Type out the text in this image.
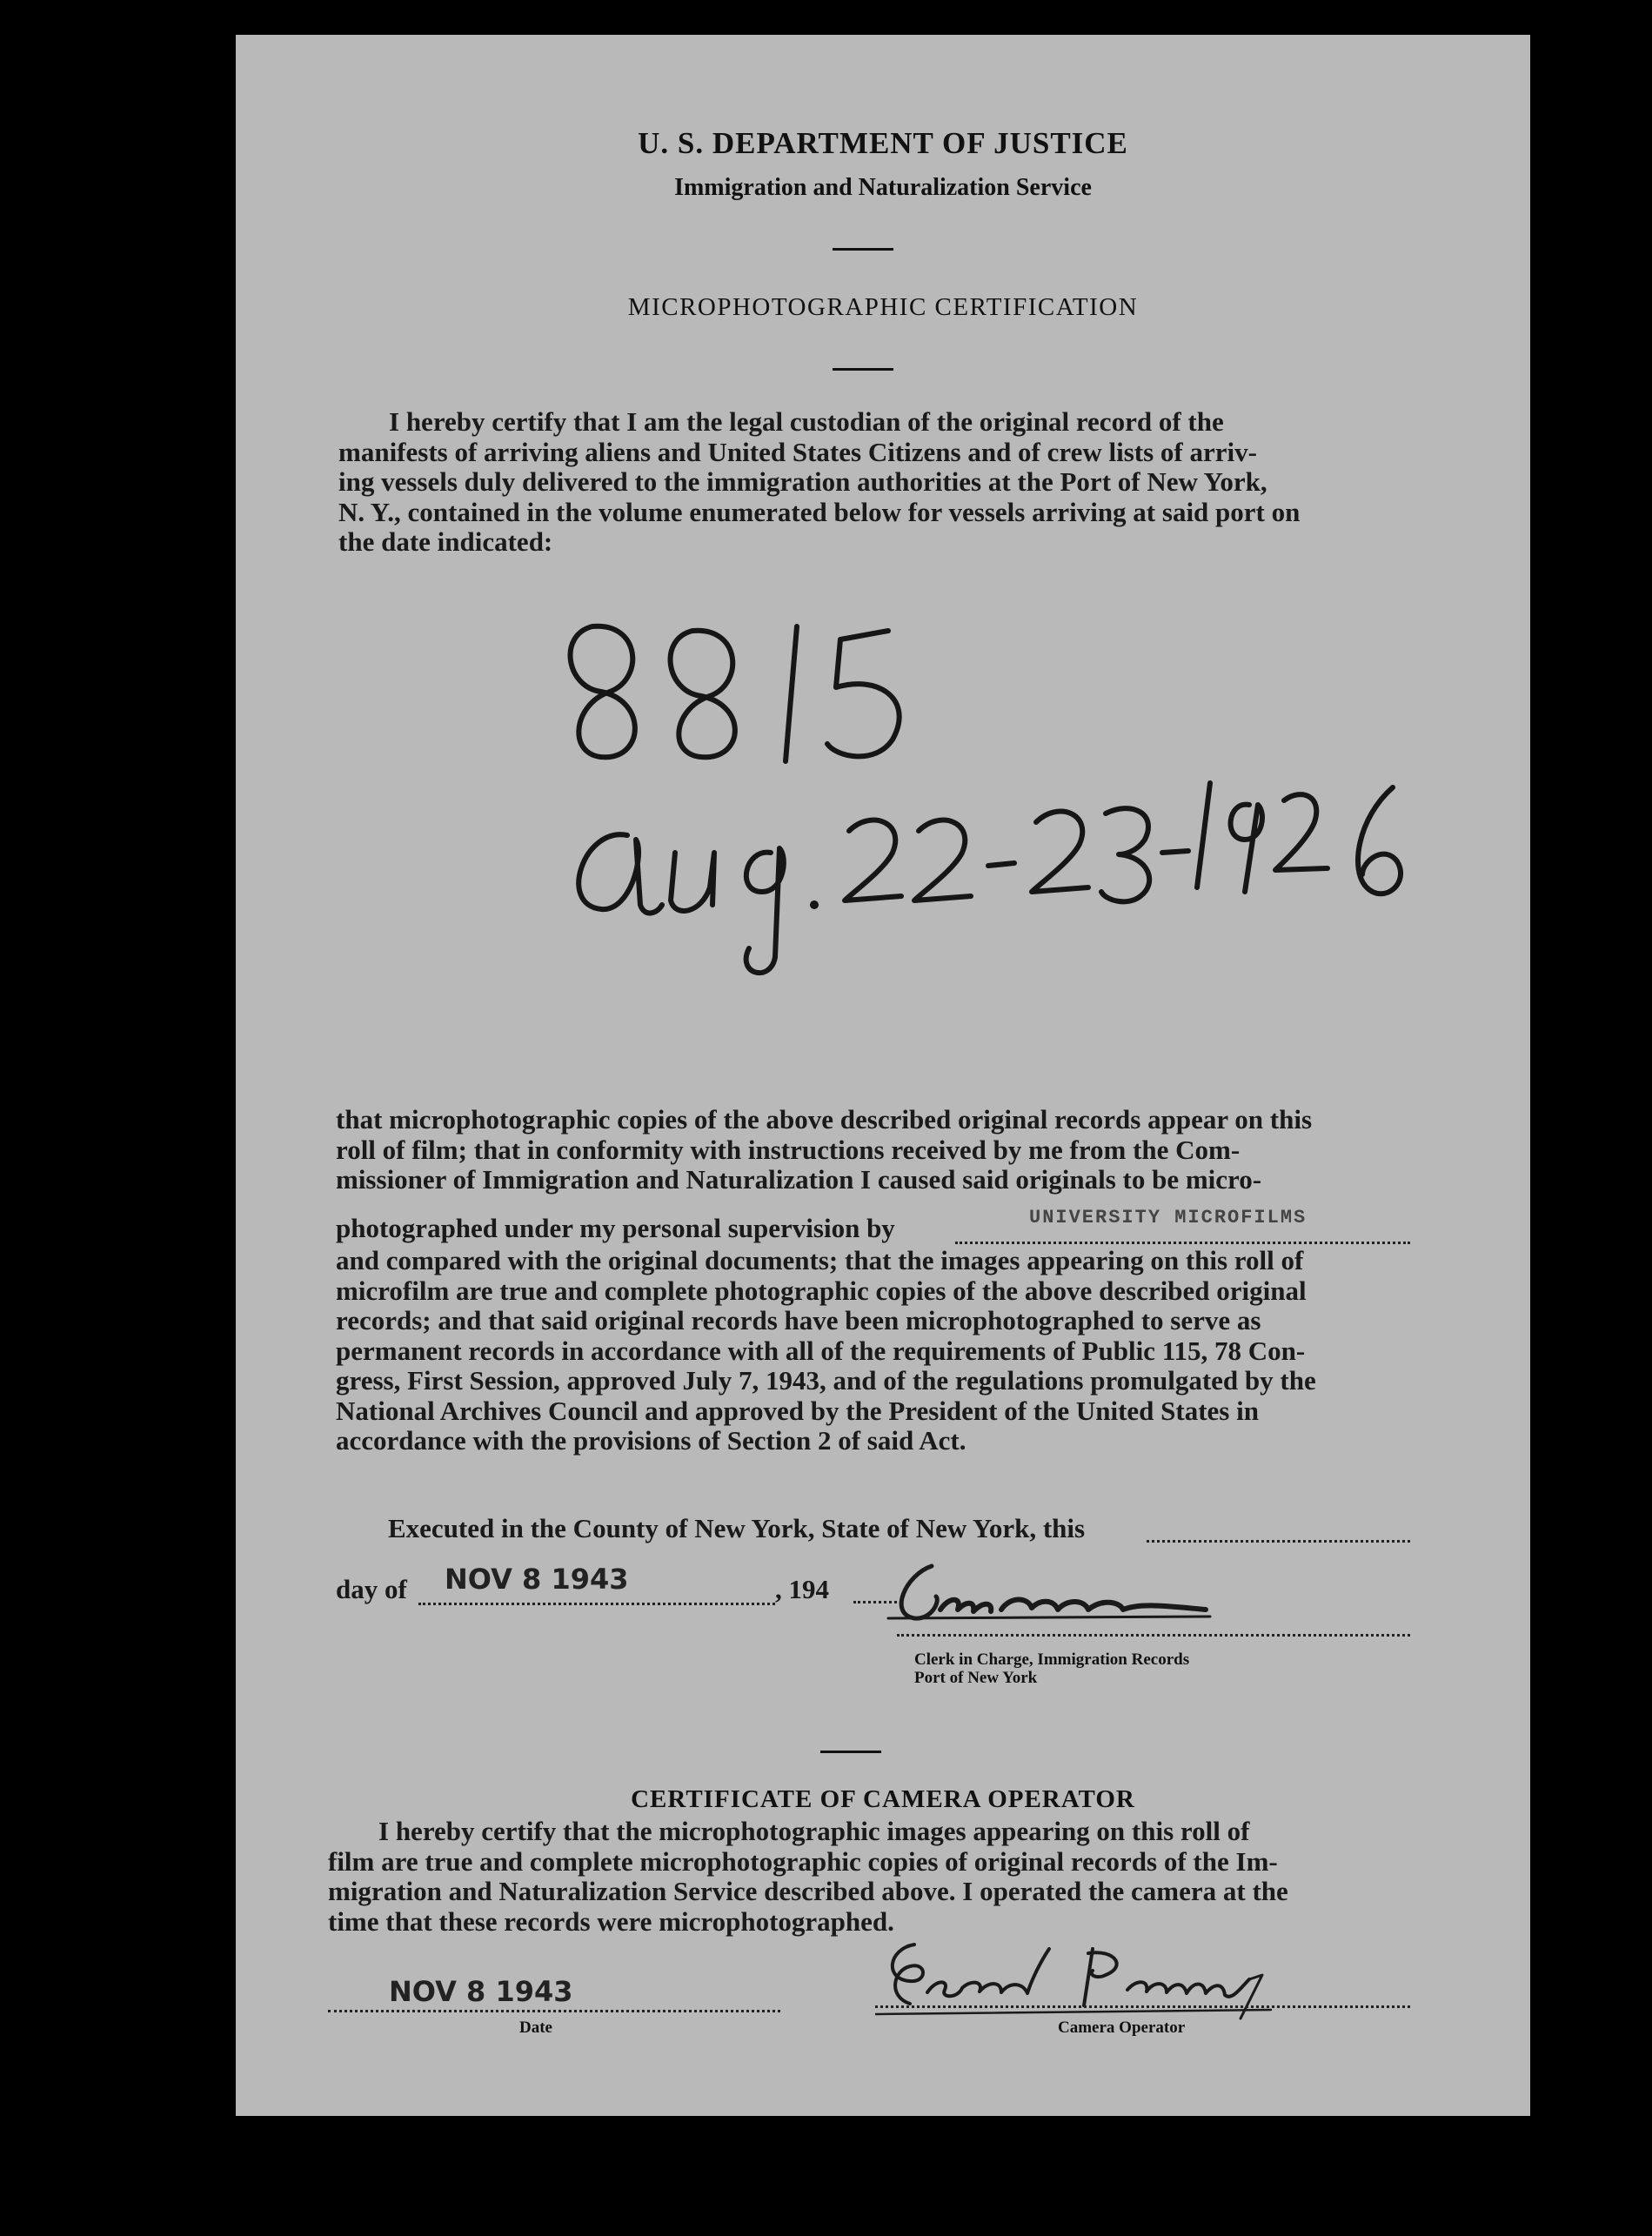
U. S. DEPARTMENT OF JUSTICE
Immigration and Naturalization Service
MICROPHOTOGRAPHIC CERTIFICATION
I hereby certify that I am the legal custodian of the original record of the
manifests of arriving aliens and United States Citizens and of crew lists of arriv-
ing vessels duly delivered to the immigration authorities at the Port of New York,
N. Y., contained in the volume enumerated below for vessels arriving at said port on
the date indicated:
that microphotographic copies of the above described original records appear on this
roll of film; that in conformity with instructions received by me from the Com-
missioner of Immigration and Naturalization I caused said originals to be micro-
photographed under my personal supervision by	UNIVERSITY MICROFILMS
and compared with the original documents; that the images appearing on this roll of
microfilm are true and complete photographic copies of the above described original
records; and that said original records have been microphotographed to serve as
permanent records in accordance with all of the requirements of Public 115, 78 Con-
gress, First Session, approved July 7, 1943, and of the regulations promulgated by the
National Archives Council and approved by the President of the United States in
accordance with the provisions of Section 2 of said Act.
Executed in the County of New York, State of New York, this
day of NOV 8 1943	, 194
Clerk in Charge, Immigration Records
Port of New York
CERTIFICATE OF CAMERA OPERATOR
I hereby certify that the microphotographic images appearing on this roll of
film are true and complete microphotographic copies of original records of the Im-
migration and Naturalization Service described above. I operated the camera at the
time that these records were microphotographed.
NOV 8 1943
Date	Camera Operator
